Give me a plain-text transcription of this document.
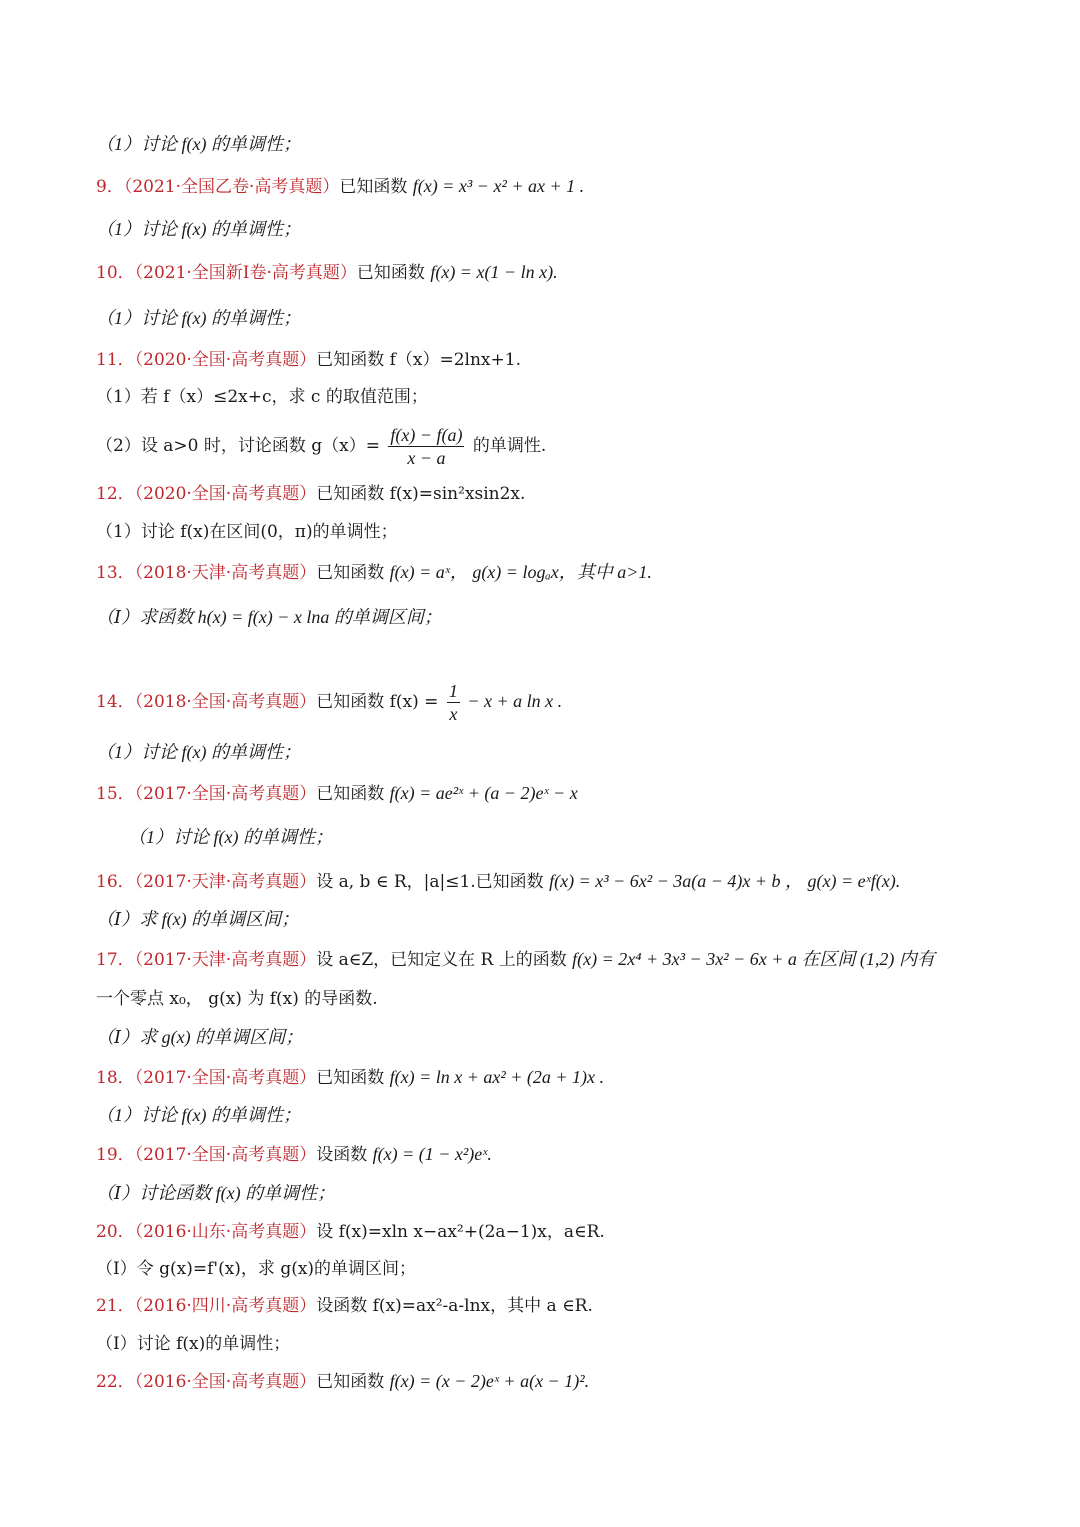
（1）讨论 f(x) 的单调性；
9．（2021·全国乙卷·高考真题）已知函数 f(x) = x³ − x² + ax + 1 .
（1）讨论 f(x) 的单调性；
10．（2021·全国新Ⅰ卷·高考真题）已知函数 f(x) = x(1 − ln x).
（1）讨论 f(x) 的单调性；
11．（2020·全国·高考真题）已知函数 f（x）=2lnx+1.
（1）若 f（x）≤2x+c，求 c 的取值范围；
12．（2020·全国·高考真题）已知函数 f(x)=sin²xsin2x.
（1）讨论 f(x)在区间(0，π)的单调性；
13．（2018·天津·高考真题）已知函数 f(x) = aˣ， g(x) = logₐx，其中 a>1.
（Ⅰ）求函数 h(x) = f(x) − x lna 的单调区间；
（1）讨论 f(x) 的单调性；
15．（2017·全国·高考真题）已知函数 f(x) = ae²ˣ + (a − 2)eˣ − x
（1）讨论 f(x) 的单调性；
16．（2017·天津·高考真题）设 a, b ∈ R，|a|≤1.已知函数 f(x) = x³ − 6x² − 3a(a − 4)x + b ， g(x) = eˣf(x).
（Ⅰ）求 f(x) 的单调区间；
17．（2017·天津·高考真题）设 a∈Z，已知定义在 R 上的函数 f(x) = 2x⁴ + 3x³ − 3x² − 6x + a 在区间 (1,2) 内有
一个零点 x₀， g(x) 为 f(x) 的导函数.
（Ⅰ）求 g(x) 的单调区间；
18．（2017·全国·高考真题）已知函数 f(x) = ln x + ax² + (2a + 1)x .
（1）讨论 f(x) 的单调性；
19．（2017·全国·高考真题）设函数 f(x) = (1 − x²)eˣ.
（Ⅰ）讨论函数 f(x) 的单调性；
20．（2016·山东·高考真题）设 f(x)=xln x−ax²+(2a−1)x，a∈R.
（Ⅰ）令 g(x)=f'(x)，求 g(x)的单调区间；
21．（2016·四川·高考真题）设函数 f(x)=ax²-a-lnx，其中 a ∈R.
（Ⅰ）讨论 f(x)的单调性；
22．（2016·全国·高考真题）已知函数 f(x) = (x − 2)eˣ + a(x − 1)².
（2）设 a>0 时，讨论函数 $g(x)= \frac{f(x) - f(a)}{x - a}$ 的单调性.
14．（2018·全国·高考真题）已知函数 $f(x) = \frac{1}{x} - x + a$ ln x .
